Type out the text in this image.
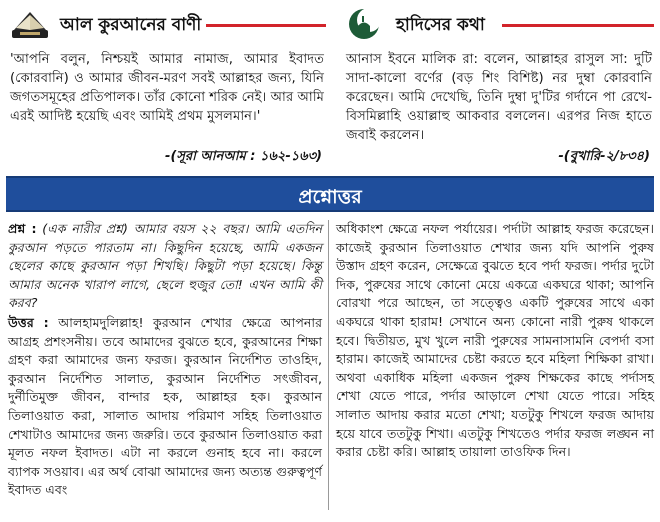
আল কুরআনের বাণী

'আপনি বলুন, নিশ্চয়ই আমার নামাজ, আমার ইবাদত (কোরবানি) ও আমার জীবন-মরণ সবই আল্লাহর জন্য, যিনি জগতসমূহের প্রতিপালক। তাঁর কোনো শরিক নেই। আর আমি এরই আদিষ্ট হয়েছি এবং আমিই প্রথম মুসলমান।'

-(সূরা আনআম : ১৬২-১৬৩)
হাদিসের কথা

আনাস ইবনে মালিক রা: বলেন, আল্লাহর রাসুল সা: দুটি সাদা-কালো বর্ণের (বড় শিং বিশিষ্ট) নর দুম্বা কোরবানি করেছেন। আমি দেখেছি, তিনি দুম্বা দু'টির গর্দানে পা রেখে- বিসমিল্লাহি ওয়াল্লাহু আকবার বললেন। এরপর নিজ হাতে জবাই করলেন।

-(বুখারি-২/৮৩৪)
প্রশ্নোত্তর

প্রশ্ন : (এক নারীর প্রশ্ন) আমার বয়স ২২ বছর। আমি এতদিন কুরআন পড়তে পারতাম না। কিছুদিন হয়েছে, আমি একজন ছেলের কাছে কুরআন পড়া শিখছি। কিছুটা পড়া হয়েছে। কিন্তু আমার অনেক খারাপ লাগে, ছেলে হুজুর তো! এখন আমি কী করব?

উত্তর : আলহামদুলিল্লাহ! কুরআন শেখার ক্ষেত্রে আপনার আগ্রহ প্রশংসনীয়। তবে আমাদের বুঝতে হবে, কুরআনের শিক্ষা গ্রহণ করা আমাদের জন্য ফরজ। কুরআন নির্দেশিত তাওহিদ, কুরআন নির্দেশিত সালাত, কুরআন নির্দেশিত সৎজীবন, দুর্নীতিমুক্ত জীবন, বান্দার হক, আল্লাহর হক। কুরআন তিলাওয়াত করা, সালাত আদায় পরিমাণ সহিহ তিলাওয়াত শেখাটাও আমাদের জন্য জরুরি। তবে কুরআন তিলাওয়াত করা মূলত নফল ইবাদত। এটা না করলে গুনাহ হবে না। করলে ব্যাপক সওয়াব। এর অর্থ বোঝা আমাদের জন্য অত্যন্ত গুরুত্বপূর্ণ ইবাদত এবং

অধিকাংশ ক্ষেত্রে নফল পর্যায়ের। পর্দাটা আল্লাহ ফরজ করেছেন। কাজেই কুরআন তিলাওয়াত শেখার জন্য যদি আপনি পুরুষ উস্তাদ গ্রহণ করেন, সেক্ষেত্রে বুঝতে হবে পর্দা ফরজ। পর্দার দুটো দিক, পুরুষের সাথে কোনো মেয়ে একত্রে একঘরে থাকা; আপনি বোরখা পরে আছেন, তা সত্ত্বেও একটি পুরুষের সাথে একা একঘরে থাকা হারাম! সেখানে অন্য কোনো নারী পুরুষ থাকলে হবে। দ্বিতীয়ত, মুখ খুলে নারী পুরুষের সামনাসামনি বেপর্দা বসা হারাম। কাজেই আমাদের চেষ্টা করতে হবে মহিলা শিক্ষিকা রাখা। অথবা একাধিক মহিলা একজন পুরুষ শিক্ষকের কাছে পর্দাসহ শেখা যেতে পারে, পর্দার আড়ালে শেখা যেতে পারে। সহিহ সালাত আদায় করার মতো শেখা; যতটুকু শিখলে ফরজ আদায় হয়ে যাবে ততটুকু শিখা। এতটুকু শিখতেও পর্দার ফরজ লঙ্ঘন না করার চেষ্টা করি। আল্লাহ তায়ালা তাওফিক দিন।
